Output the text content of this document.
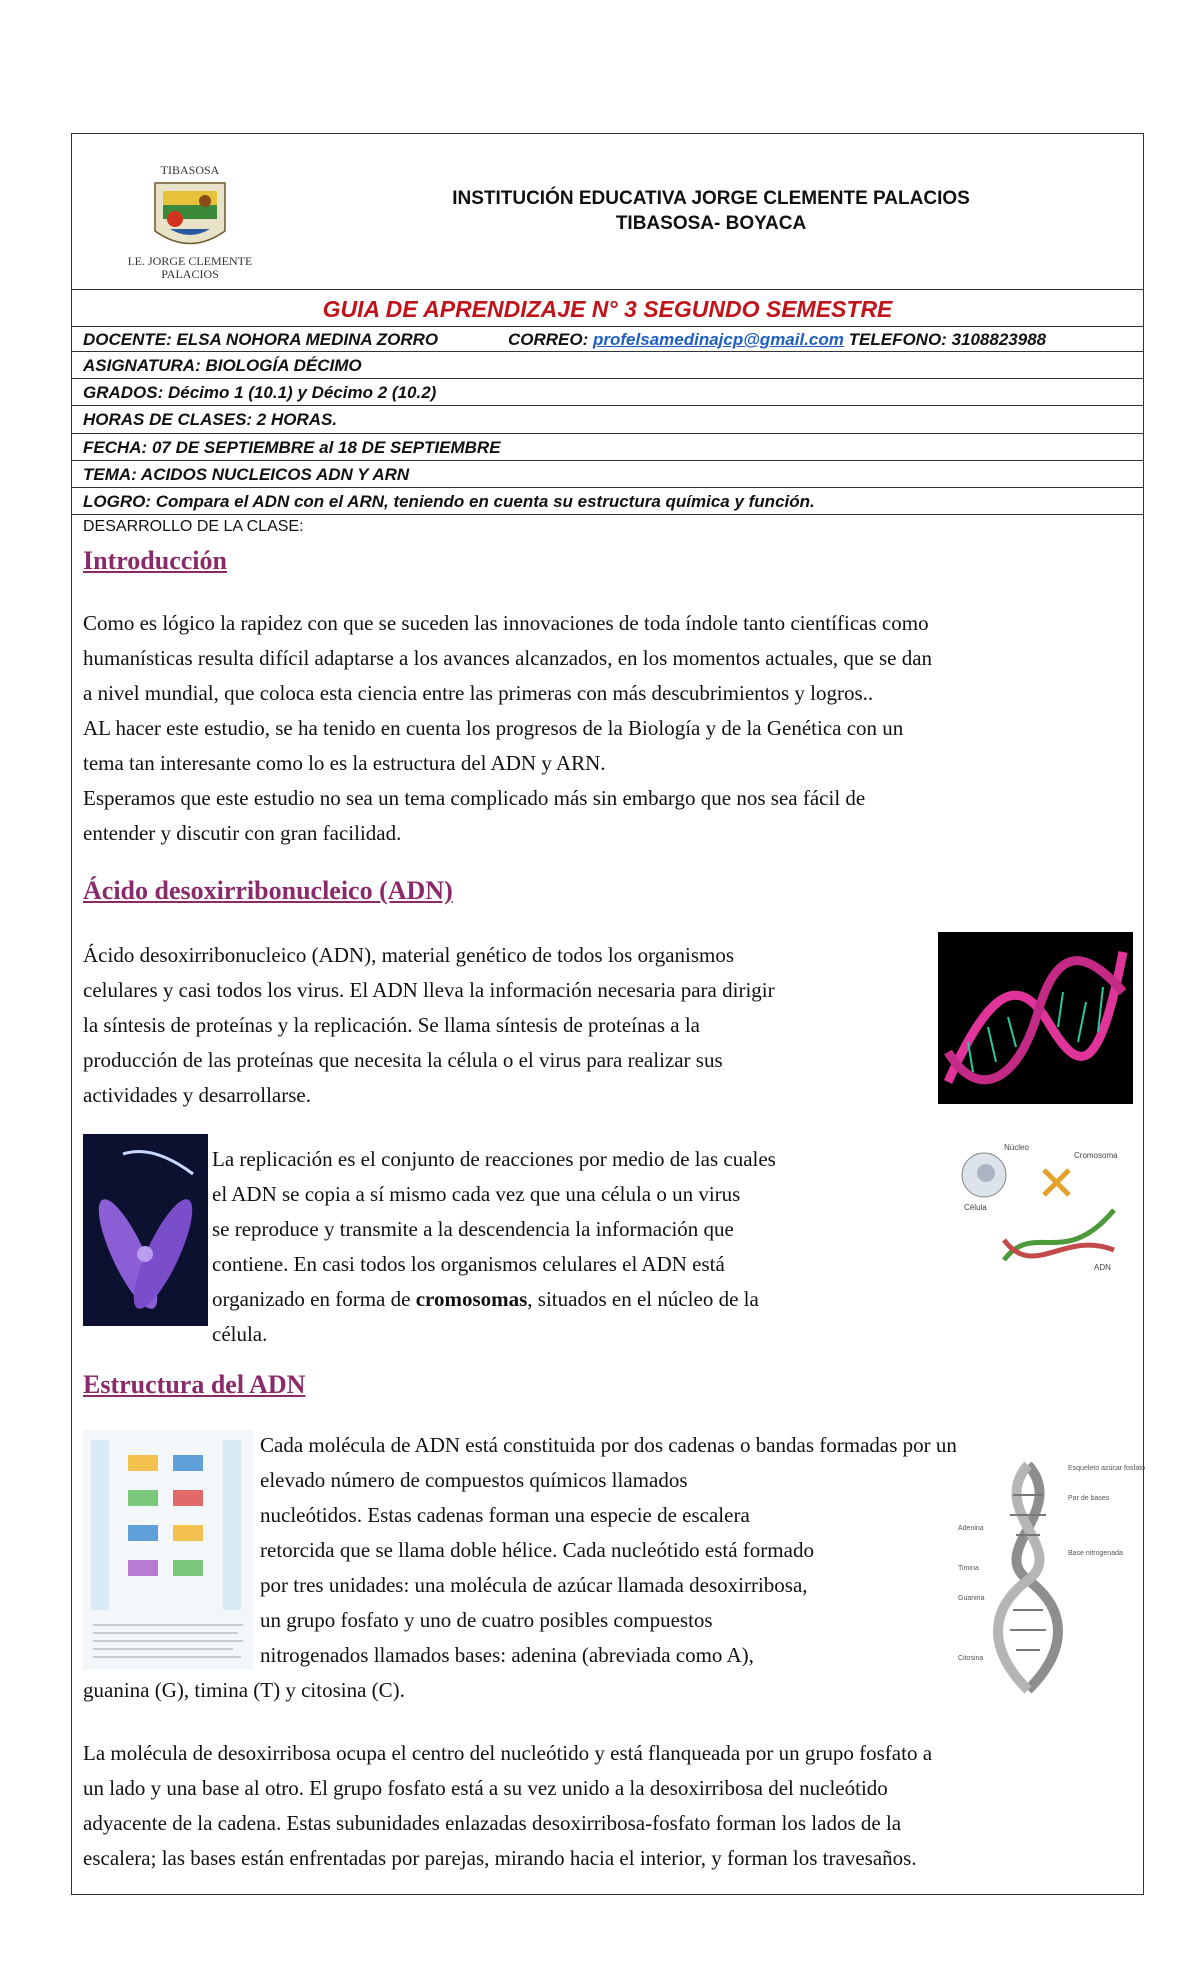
TIBASOSA
I.E. JORGE CLEMENTE
PALACIOS
INSTITUCIÓN EDUCATIVA JORGE CLEMENTE PALACIOS
TIBASOSA- BOYACA
GUIA DE APRENDIZAJE N° 3 SEGUNDO SEMESTRE
DOCENTE: ELSA NOHORA MEDINA ZORRO	CORREO: profelsamedinajcp@gmail.com TELEFONO: 3108823988
ASIGNATURA: BIOLOGÍA DÉCIMO
GRADOS: Décimo 1 (10.1) y Décimo 2 (10.2)
HORAS DE CLASES: 2 HORAS.
FECHA: 07 DE SEPTIEMBRE al 18 DE SEPTIEMBRE
TEMA: ACIDOS NUCLEICOS ADN Y ARN
LOGRO: Compara el ADN con el ARN, teniendo en cuenta su estructura química y función.
DESARROLLO DE LA CLASE:
Introducción
Como es lógico la rapidez con que se suceden las innovaciones de toda índole tanto científicas como
humanísticas resulta difícil adaptarse a los avances alcanzados, en los momentos actuales, que se dan
a nivel mundial, que coloca esta ciencia entre las primeras con más descubrimientos y logros..
AL hacer este estudio, se ha tenido en cuenta los progresos de la Biología y de la Genética con un
tema tan interesante como lo es la estructura del ADN y ARN.
Esperamos que este estudio no sea un tema complicado más sin embargo que nos sea fácil de
entender y discutir con gran facilidad.
Ácido desoxirribonucleico (ADN)
Ácido desoxirribonucleico (ADN), material genético de todos los organismos
celulares y casi todos los virus. El ADN lleva la información necesaria para dirigir
la síntesis de proteínas y la replicación. Se llama síntesis de proteínas a la
producción de las proteínas que necesita la célula o el virus para realizar sus
actividades y desarrollarse.
La replicación es el conjunto de reacciones por medio de las cuales
el ADN se copia a sí mismo cada vez que una célula o un virus
se reproduce y transmite a la descendencia la información que
contiene. En casi todos los organismos celulares el ADN está
organizado en forma de cromosomas, situados en el núcleo de la
célula.
Núcleo
Cromosoma
Célula
ADN
Estructura del ADN
Cada molécula de ADN está constituida por dos cadenas o bandas formadas por un
elevado número de compuestos químicos llamados
nucleótidos. Estas cadenas forman una especie de escalera
retorcida que se llama doble hélice. Cada nucleótido está formado
por tres unidades: una molécula de azúcar llamada desoxirribosa,
un grupo fosfato y uno de cuatro posibles compuestos
nitrogenados llamados bases: adenina (abreviada como A),
guanina (G), timina (T) y citosina (C).
Esqueleto azúcar fosfato
Par de bases
Adenina
Base nitrogenada
Timina
Guanina
Citosina
La molécula de desoxirribosa ocupa el centro del nucleótido y está flanqueada por un grupo fosfato a
un lado y una base al otro. El grupo fosfato está a su vez unido a la desoxirribosa del nucleótido
adyacente de la cadena. Estas subunidades enlazadas desoxirribosa-fosfato forman los lados de la
escalera; las bases están enfrentadas por parejas, mirando hacia el interior, y forman los travesaños.
